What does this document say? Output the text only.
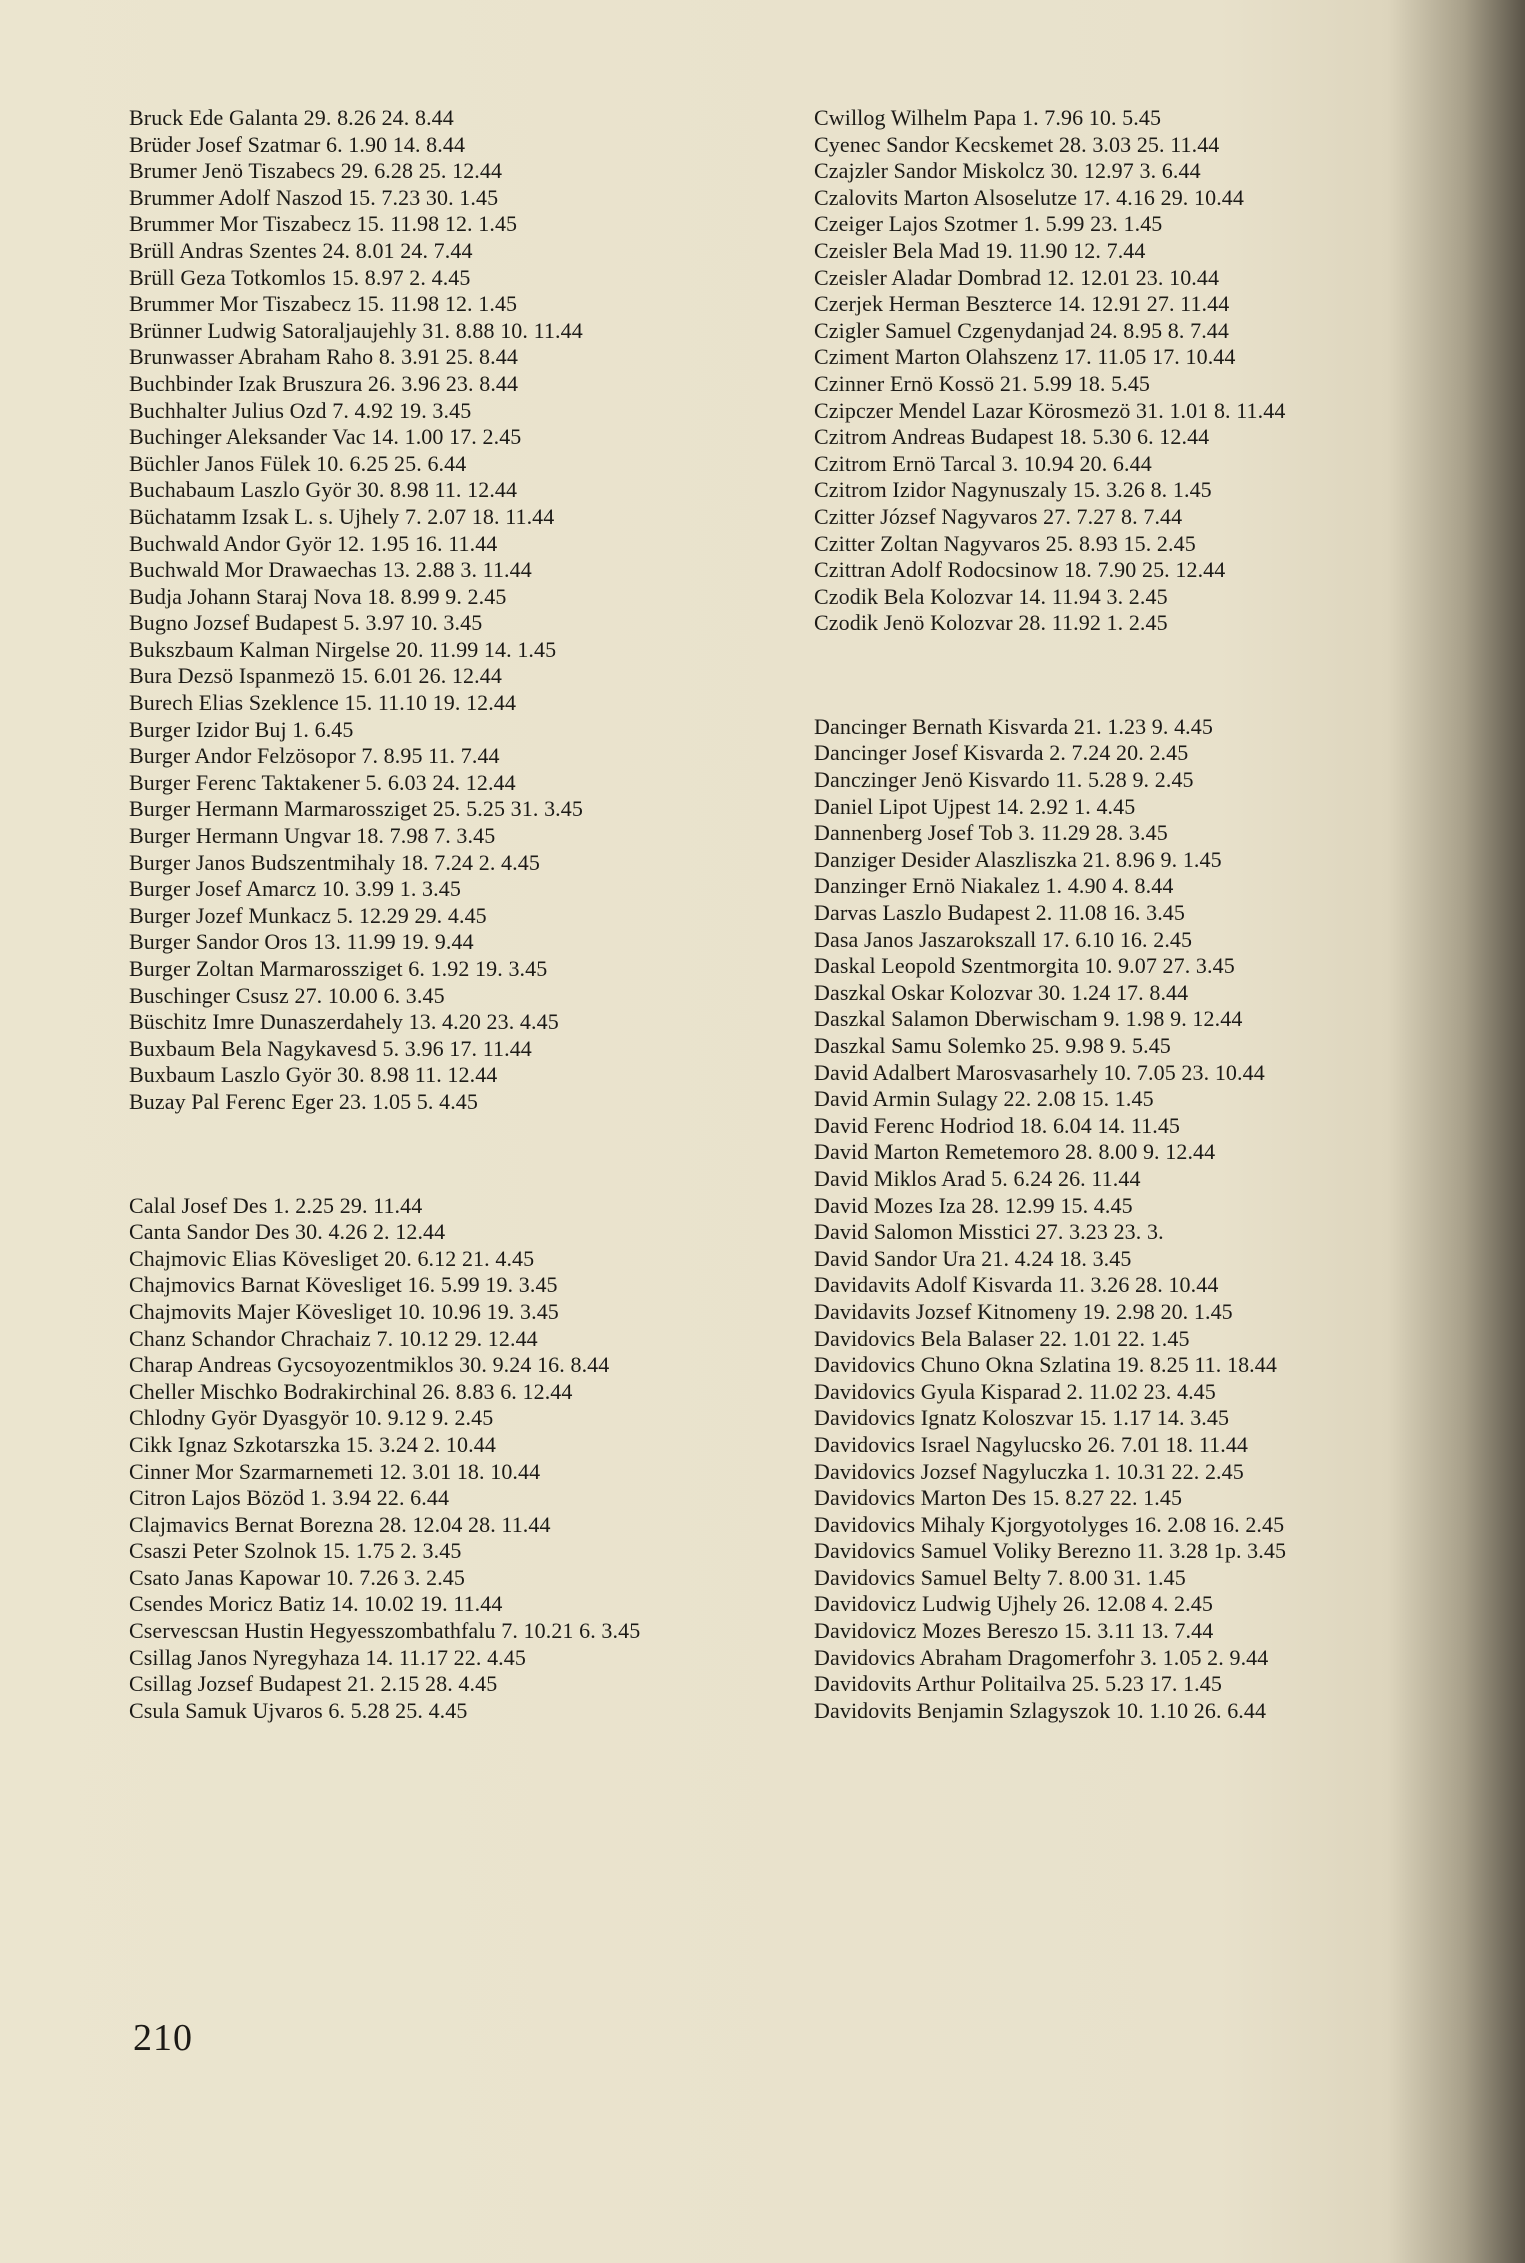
Bruck Ede Galanta 29. 8.26 24. 8.44
Brüder Josef Szatmar 6. 1.90 14. 8.44
Brumer Jenö Tiszabecs 29. 6.28 25. 12.44
Brummer Adolf Naszod 15. 7.23 30. 1.45
Brummer Mor Tiszabecz 15. 11.98 12. 1.45
Brüll Andras Szentes 24. 8.01 24. 7.44
Brüll Geza Totkomlos 15. 8.97 2. 4.45
Brummer Mor Tiszabecz 15. 11.98 12. 1.45
Brünner Ludwig Satoraljaujehly 31. 8.88 10. 11.44
Brunwasser Abraham Raho 8. 3.91 25. 8.44
Buchbinder Izak Bruszura 26. 3.96 23. 8.44
Buchhalter Julius Ozd 7. 4.92 19. 3.45
Buchinger Aleksander Vac 14. 1.00 17. 2.45
Büchler Janos Fülek 10. 6.25 25. 6.44
Buchabaum Laszlo Györ 30. 8.98 11. 12.44
Büchatamm Izsak L. s. Ujhely 7. 2.07 18. 11.44
Buchwald Andor Györ 12. 1.95 16. 11.44
Buchwald Mor Drawaechas 13. 2.88 3. 11.44
Budja Johann Staraj Nova 18. 8.99 9. 2.45
Bugno Jozsef Budapest 5. 3.97 10. 3.45
Bukszbaum Kalman Nirgelse 20. 11.99 14. 1.45
Bura Dezsö Ispanmezö 15. 6.01 26. 12.44
Burech Elias Szeklence 15. 11.10 19. 12.44
Burger Izidor Buj 1. 6.45
Burger Andor Felzösopor 7. 8.95 11. 7.44
Burger Ferenc Taktakener 5. 6.03 24. 12.44
Burger Hermann Marmarossziget 25. 5.25 31. 3.45
Burger Hermann Ungvar 18. 7.98 7. 3.45
Burger Janos Budszentmihaly 18. 7.24 2. 4.45
Burger Josef Amarcz 10. 3.99 1. 3.45
Burger Jozef Munkacz 5. 12.29 29. 4.45
Burger Sandor Oros 13. 11.99 19. 9.44
Burger Zoltan Marmarossziget 6. 1.92 19. 3.45
Buschinger Csusz 27. 10.00 6. 3.45
Büschitz Imre Dunaszerdahely 13. 4.20 23. 4.45
Buxbaum Bela Nagykavesd 5. 3.96 17. 11.44
Buxbaum Laszlo Györ 30. 8.98 11. 12.44
Buzay Pal Ferenc Eger 23. 1.05 5. 4.45
Calal Josef Des 1. 2.25 29. 11.44
Canta Sandor Des 30. 4.26 2. 12.44
Chajmovic Elias Kövesliget 20. 6.12 21. 4.45
Chajmovics Barnat Kövesliget 16. 5.99 19. 3.45
Chajmovits Majer Kövesliget 10. 10.96 19. 3.45
Chanz Schandor Chrachaiz 7. 10.12 29. 12.44
Charap Andreas Gycsoyozentmiklos 30. 9.24 16. 8.44
Cheller Mischko Bodrakirchinal 26. 8.83 6. 12.44
Chlodny Györ Dyasgyör 10. 9.12 9. 2.45
Cikk Ignaz Szkotarszka 15. 3.24 2. 10.44
Cinner Mor Szarmarnemeti 12. 3.01 18. 10.44
Citron Lajos Bözöd 1. 3.94 22. 6.44
Clajmavics Bernat Borezna 28. 12.04 28. 11.44
Csaszi Peter Szolnok 15. 1.75 2. 3.45
Csato Janas Kapowar 10. 7.26 3. 2.45
Csendes Moricz Batiz 14. 10.02 19. 11.44
Cservescsan Hustin Hegyesszombathfalu 7. 10.21 6. 3.45
Csillag Janos Nyregyhaza 14. 11.17 22. 4.45
Csillag Jozsef Budapest 21. 2.15 28. 4.45
Csula Samuk Ujvaros 6. 5.28 25. 4.45
Cwillog Wilhelm Papa 1. 7.96 10. 5.45
Cyenec Sandor Kecskemet 28. 3.03 25. 11.44
Czajzler Sandor Miskolcz 30. 12.97 3. 6.44
Czalovits Marton Alsoselutze 17. 4.16 29. 10.44
Czeiger Lajos Szotmer 1. 5.99 23. 1.45
Czeisler Bela Mad 19. 11.90 12. 7.44
Czeisler Aladar Dombrad 12. 12.01 23. 10.44
Czerjek Herman Beszterce 14. 12.91 27. 11.44
Czigler Samuel Czgenydanjad 24. 8.95 8. 7.44
Cziment Marton Olahszenz 17. 11.05 17. 10.44
Czinner Ernö Kossö 21. 5.99 18. 5.45
Czipczer Mendel Lazar Körosmezö 31. 1.01 8. 11.44
Czitrom Andreas Budapest 18. 5.30 6. 12.44
Czitrom Ernö Tarcal 3. 10.94 20. 6.44
Czitrom Izidor Nagynuszaly 15. 3.26 8. 1.45
Czitter József Nagyvaros 27. 7.27 8. 7.44
Czitter Zoltan Nagyvaros 25. 8.93 15. 2.45
Czittran Adolf Rodocsinow 18. 7.90 25. 12.44
Czodik Bela Kolozvar 14. 11.94 3. 2.45
Czodik Jenö Kolozvar 28. 11.92 1. 2.45
Dancinger Bernath Kisvarda 21. 1.23 9. 4.45
Dancinger Josef Kisvarda 2. 7.24 20. 2.45
Danczinger Jenö Kisvardo 11. 5.28 9. 2.45
Daniel Lipot Ujpest 14. 2.92 1. 4.45
Dannenberg Josef Tob 3. 11.29 28. 3.45
Danziger Desider Alaszliszka 21. 8.96 9. 1.45
Danzinger Ernö Niakalez 1. 4.90 4. 8.44
Darvas Laszlo Budapest 2. 11.08 16. 3.45
Dasa Janos Jaszarokszall 17. 6.10 16. 2.45
Daskal Leopold Szentmorgita 10. 9.07 27. 3.45
Daszkal Oskar Kolozvar 30. 1.24 17. 8.44
Daszkal Salamon Dberwischam 9. 1.98 9. 12.44
Daszkal Samu Solemko 25. 9.98 9. 5.45
David Adalbert Marosvasarhely 10. 7.05 23. 10.44
David Armin Sulagy 22. 2.08 15. 1.45
David Ferenc Hodriod 18. 6.04 14. 11.45
David Marton Remetemoro 28. 8.00 9. 12.44
David Miklos Arad 5. 6.24 26. 11.44
David Mozes Iza 28. 12.99 15. 4.45
David Salomon Misstici 27. 3.23 23. 3.
David Sandor Ura 21. 4.24 18. 3.45
Davidavits Adolf Kisvarda 11. 3.26 28. 10.44
Davidavits Jozsef Kitnomeny 19. 2.98 20. 1.45
Davidovics Bela Balaser 22. 1.01 22. 1.45
Davidovics Chuno Okna Szlatina 19. 8.25 11. 18.44
Davidovics Gyula Kisparad 2. 11.02 23. 4.45
Davidovics Ignatz Koloszvar 15. 1.17 14. 3.45
Davidovics Israel Nagylucsko 26. 7.01 18. 11.44
Davidovics Jozsef Nagyluczka 1. 10.31 22. 2.45
Davidovics Marton Des 15. 8.27 22. 1.45
Davidovics Mihaly Kjorgyotolyges 16. 2.08 16. 2.45
Davidovics Samuel Voliky Berezno 11. 3.28 1p. 3.45
Davidovics Samuel Belty 7. 8.00 31. 1.45
Davidovicz Ludwig Ujhely 26. 12.08 4. 2.45
Davidovicz Mozes Bereszo 15. 3.11 13. 7.44
Davidovics Abraham Dragomerfohr 3. 1.05 2. 9.44
Davidovits Arthur Politailva 25. 5.23 17. 1.45
Davidovits Benjamin Szlagyszok 10. 1.10 26. 6.44
210
